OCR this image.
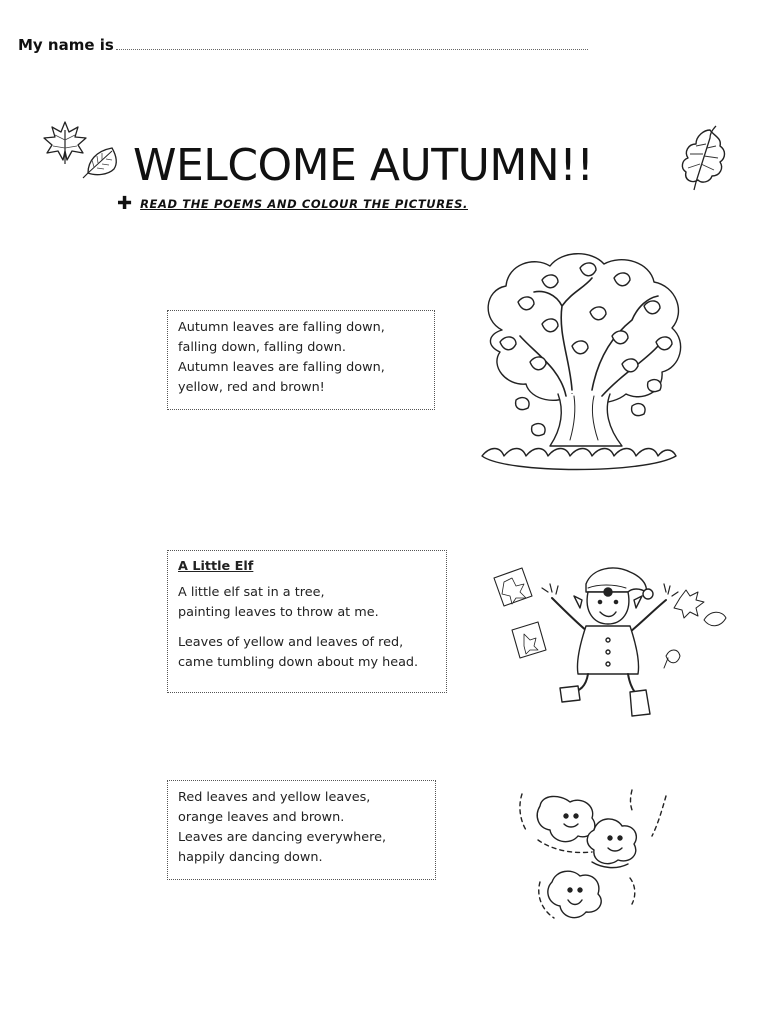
My name is
WELCOME AUTUMN!!
✚ READ THE POEMS AND COLOUR THE PICTURES.
Autumn leaves are falling down,
falling down, falling down.
Autumn leaves are falling down,
yellow, red and brown!
A Little Elf
A little elf sat in a tree,
painting leaves to throw at me.
Leaves of yellow and leaves of red,
came tumbling down about my head.
Red leaves and yellow leaves,
orange leaves and brown.
Leaves are dancing everywhere,
happily dancing down.
